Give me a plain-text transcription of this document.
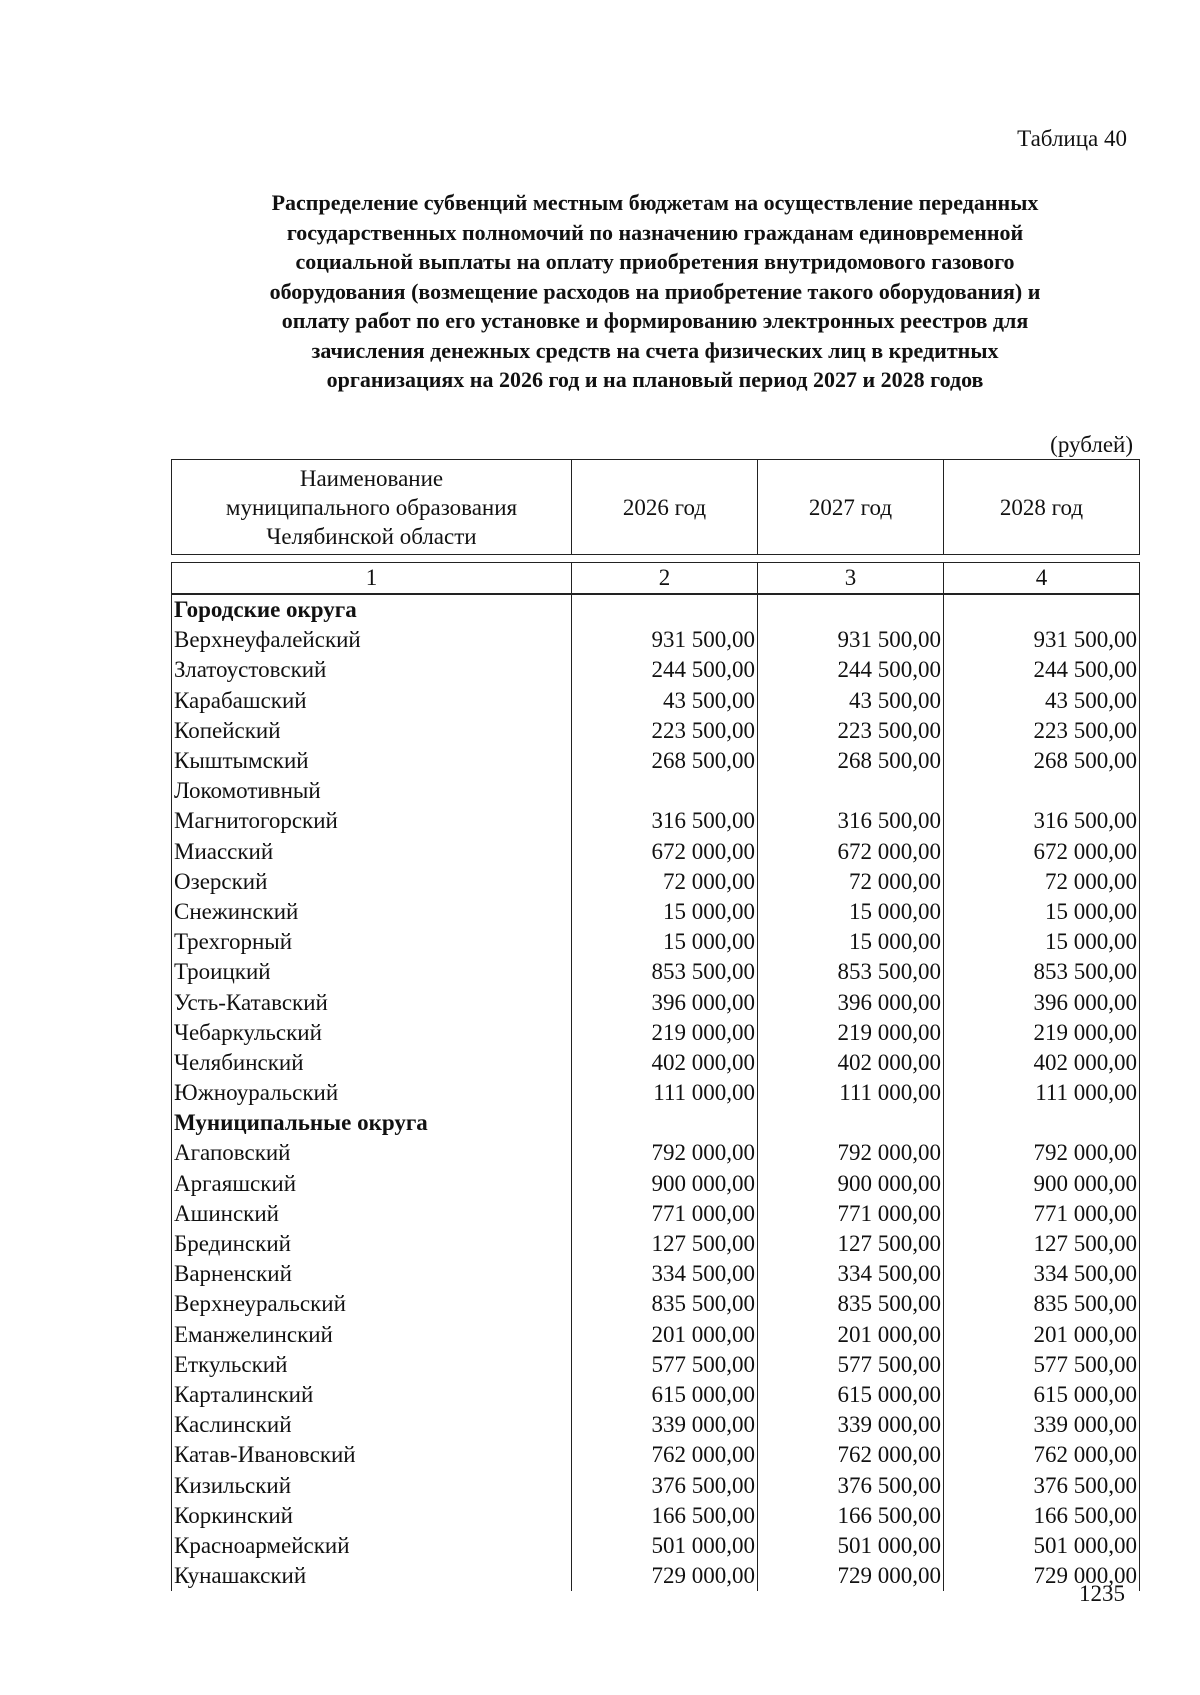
Таблица 40
Распределение субвенций местным бюджетам на осуществление переданных
государственных полномочий по назначению гражданам единовременной
социальной выплаты на оплату приобретения внутридомового газового
оборудования (возмещение расходов на приобретение такого оборудования) и
оплату работ по его установке и формированию электронных реестров для
зачисления денежных средств на счета физических лиц в кредитных
организациях на 2026 год и на плановый период 2027 и 2028 годов
(рублей)
Наименование
муниципального образования
Челябинской области	2026 год	2027 год	2028 год

1	2	3	4
Городские округа			
Верхнеуфалейский	931 500,00	931 500,00	931 500,00
Златоустовский	244 500,00	244 500,00	244 500,00
Карабашский	43 500,00	43 500,00	43 500,00
Копейский	223 500,00	223 500,00	223 500,00
Кыштымский	268 500,00	268 500,00	268 500,00
Локомотивный			
Магнитогорский	316 500,00	316 500,00	316 500,00
Миасский	672 000,00	672 000,00	672 000,00
Озерский	72 000,00	72 000,00	72 000,00
Снежинский	15 000,00	15 000,00	15 000,00
Трехгорный	15 000,00	15 000,00	15 000,00
Троицкий	853 500,00	853 500,00	853 500,00
Усть-Катавский	396 000,00	396 000,00	396 000,00
Чебаркульский	219 000,00	219 000,00	219 000,00
Челябинский	402 000,00	402 000,00	402 000,00
Южноуральский	111 000,00	111 000,00	111 000,00
Муниципальные округа			
Агаповский	792 000,00	792 000,00	792 000,00
Аргаяшский	900 000,00	900 000,00	900 000,00
Ашинский	771 000,00	771 000,00	771 000,00
Брединский	127 500,00	127 500,00	127 500,00
Варненский	334 500,00	334 500,00	334 500,00
Верхнеуральский	835 500,00	835 500,00	835 500,00
Еманжелинский	201 000,00	201 000,00	201 000,00
Еткульский	577 500,00	577 500,00	577 500,00
Карталинский	615 000,00	615 000,00	615 000,00
Каслинский	339 000,00	339 000,00	339 000,00
Катав-Ивановский	762 000,00	762 000,00	762 000,00
Кизильский	376 500,00	376 500,00	376 500,00
Коркинский	166 500,00	166 500,00	166 500,00
Красноармейский	501 000,00	501 000,00	501 000,00
Кунашакский	729 000,00	729 000,00	729 000,00
1235
